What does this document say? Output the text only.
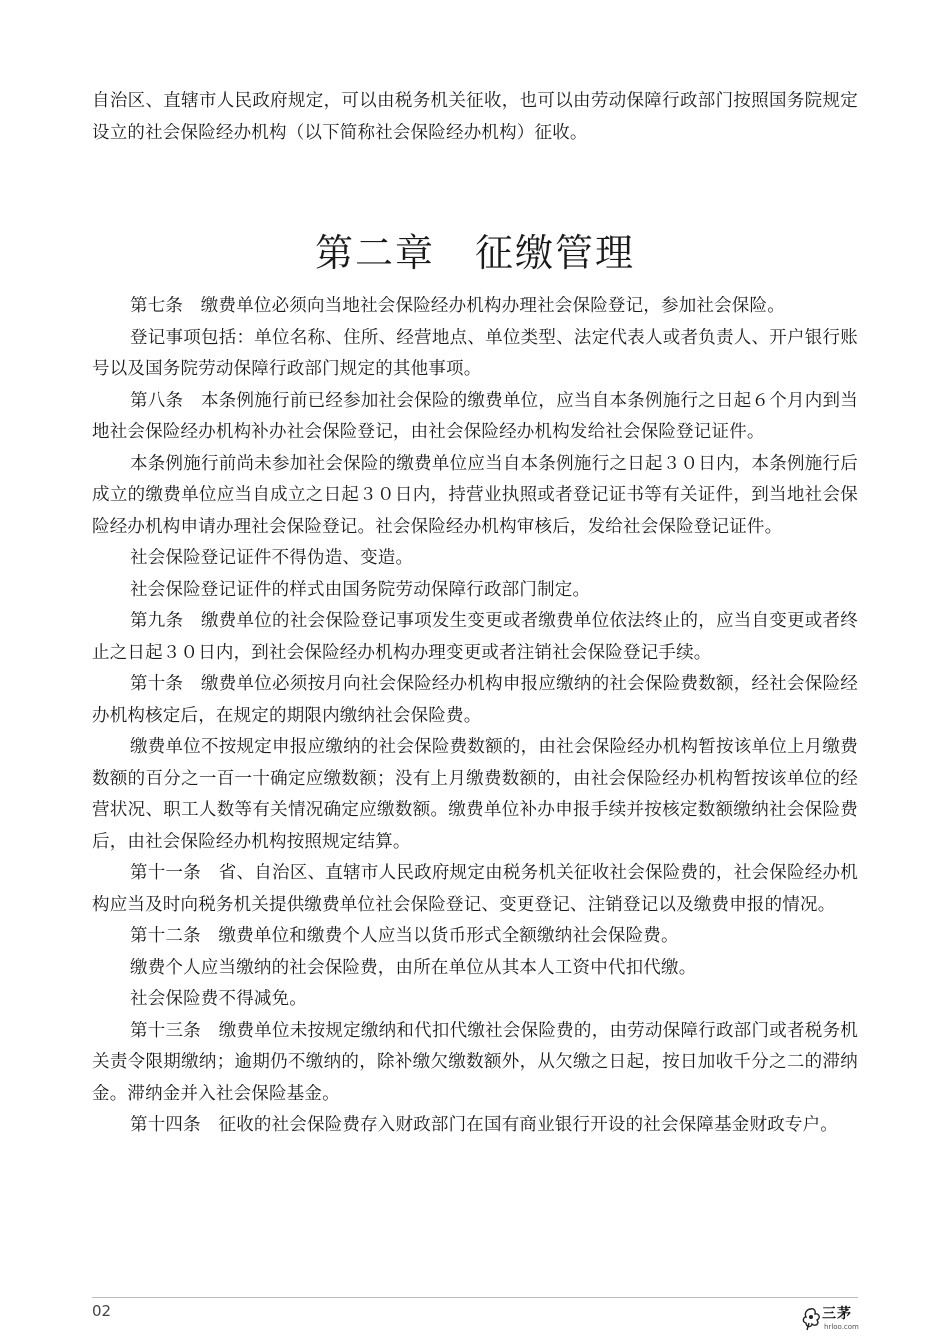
自治区、直辖市人民政府规定，可以由税务机关征收，也可以由劳动保障行政部门按照国务院规定设立的社会保险经办机构（以下简称社会保险经办机构）征收。

第二章　征缴管理

第七条　缴费单位必须向当地社会保险经办机构办理社会保险登记，参加社会保险。

登记事项包括：单位名称、住所、经营地点、单位类型、法定代表人或者负责人、开户银行账号以及国务院劳动保障行政部门规定的其他事项。

第八条　本条例施行前已经参加社会保险的缴费单位，应当自本条例施行之日起６个月内到当地社会保险经办机构补办社会保险登记，由社会保险经办机构发给社会保险登记证件。

本条例施行前尚未参加社会保险的缴费单位应当自本条例施行之日起３０日内，本条例施行后成立的缴费单位应当自成立之日起３０日内，持营业执照或者登记证书等有关证件，到当地社会保险经办机构申请办理社会保险登记。社会保险经办机构审核后，发给社会保险登记证件。

社会保险登记证件不得伪造、变造。

社会保险登记证件的样式由国务院劳动保障行政部门制定。

第九条　缴费单位的社会保险登记事项发生变更或者缴费单位依法终止的，应当自变更或者终止之日起３０日内，到社会保险经办机构办理变更或者注销社会保险登记手续。

第十条　缴费单位必须按月向社会保险经办机构申报应缴纳的社会保险费数额，经社会保险经办机构核定后，在规定的期限内缴纳社会保险费。

缴费单位不按规定申报应缴纳的社会保险费数额的，由社会保险经办机构暂按该单位上月缴费数额的百分之一百一十确定应缴数额；没有上月缴费数额的，由社会保险经办机构暂按该单位的经营状况、职工人数等有关情况确定应缴数额。缴费单位补办申报手续并按核定数额缴纳社会保险费后，由社会保险经办机构按照规定结算。

第十一条　省、自治区、直辖市人民政府规定由税务机关征收社会保险费的，社会保险经办机构应当及时向税务机关提供缴费单位社会保险登记、变更登记、注销登记以及缴费申报的情况。

第十二条　缴费单位和缴费个人应当以货币形式全额缴纳社会保险费。

缴费个人应当缴纳的社会保险费，由所在单位从其本人工资中代扣代缴。

社会保险费不得减免。

第十三条　缴费单位未按规定缴纳和代扣代缴社会保险费的，由劳动保障行政部门或者税务机关责令限期缴纳；逾期仍不缴纳的，除补缴欠缴数额外，从欠缴之日起，按日加收千分之二的滞纳金。滞纳金并入社会保险基金。

第十四条　征收的社会保险费存入财政部门在国有商业银行开设的社会保障基金财政专户。

02	三茅
hrloo.com
